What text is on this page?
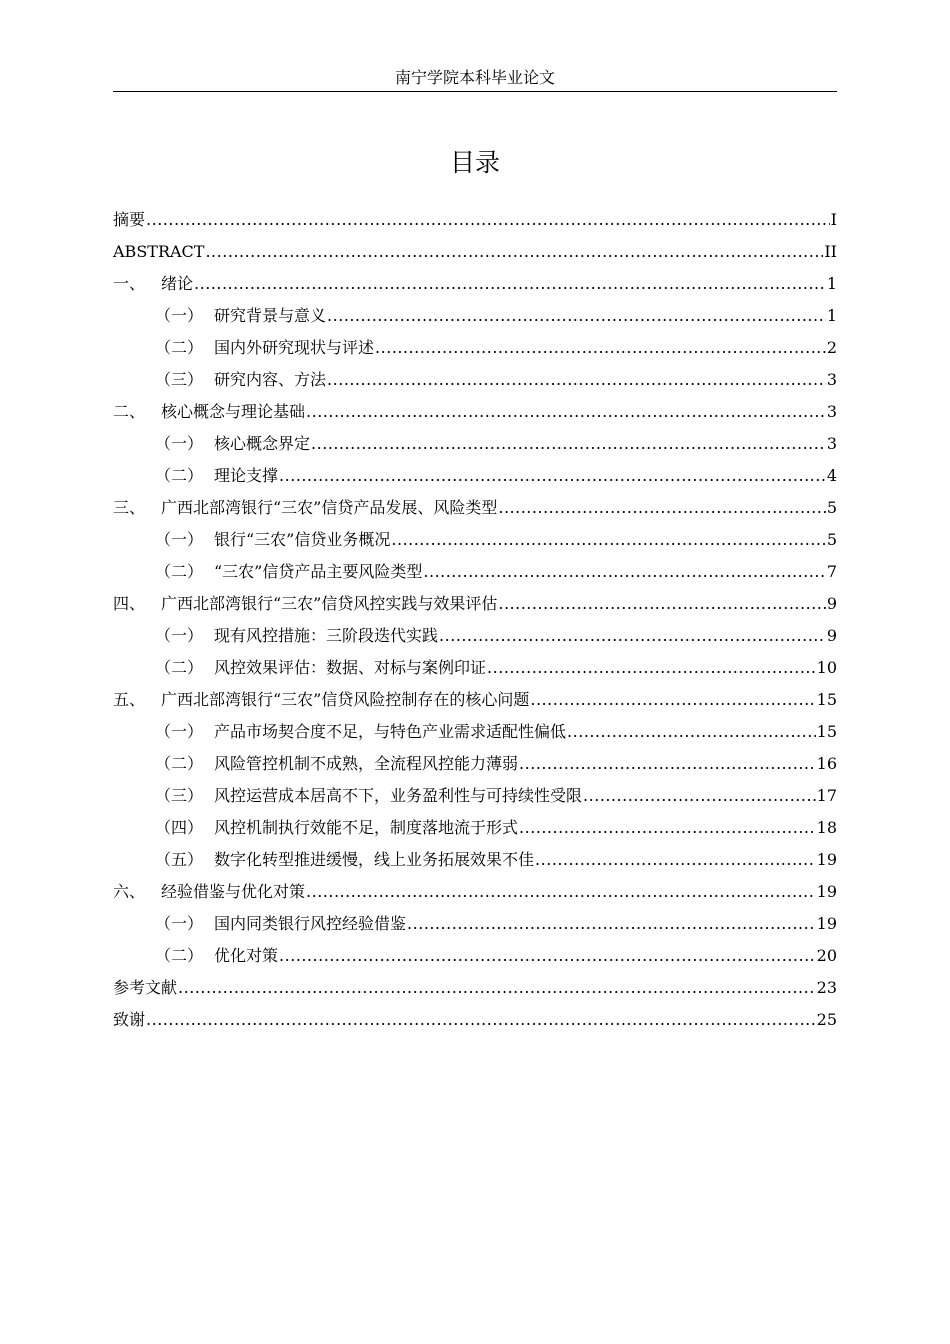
南宁学院本科毕业论文
目录
摘要 .....	I
ABSTRACT .....	II
一、 绪论 .....	1
（一） 研究背景与意义 .....	1
（二） 国内外研究现状与评述 .....	2
（三） 研究内容、方法 .....	3
二、 核心概念与理论基础 .....	3
（一） 核心概念界定 .....	3
（二） 理论支撑 .....	4
三、 广西北部湾银行“三农”信贷产品发展、风险类型 .....	5
（一） 银行“三农”信贷业务概况 .....	5
（二） “三农”信贷产品主要风险类型 .....	7
四、 广西北部湾银行“三农”信贷风控实践与效果评估 .....	9
（一） 现有风控措施：三阶段迭代实践 .....	9
（二） 风控效果评估：数据、对标与案例印证 .....	10
五、 广西北部湾银行“三农”信贷风险控制存在的核心问题 .....	15
（一） 产品市场契合度不足，与特色产业需求适配性偏低 .....	15
（二） 风险管控机制不成熟，全流程风控能力薄弱 .....	16
（三） 风控运营成本居高不下，业务盈利性与可持续性受限 .....	17
（四） 风控机制执行效能不足，制度落地流于形式 .....	18
（五） 数字化转型推进缓慢，线上业务拓展效果不佳 .....	19
六、 经验借鉴与优化对策 .....	19
（一） 国内同类银行风控经验借鉴 .....	19
（二） 优化对策 .....	20
参考文献 .....	23
致谢 .....	25
